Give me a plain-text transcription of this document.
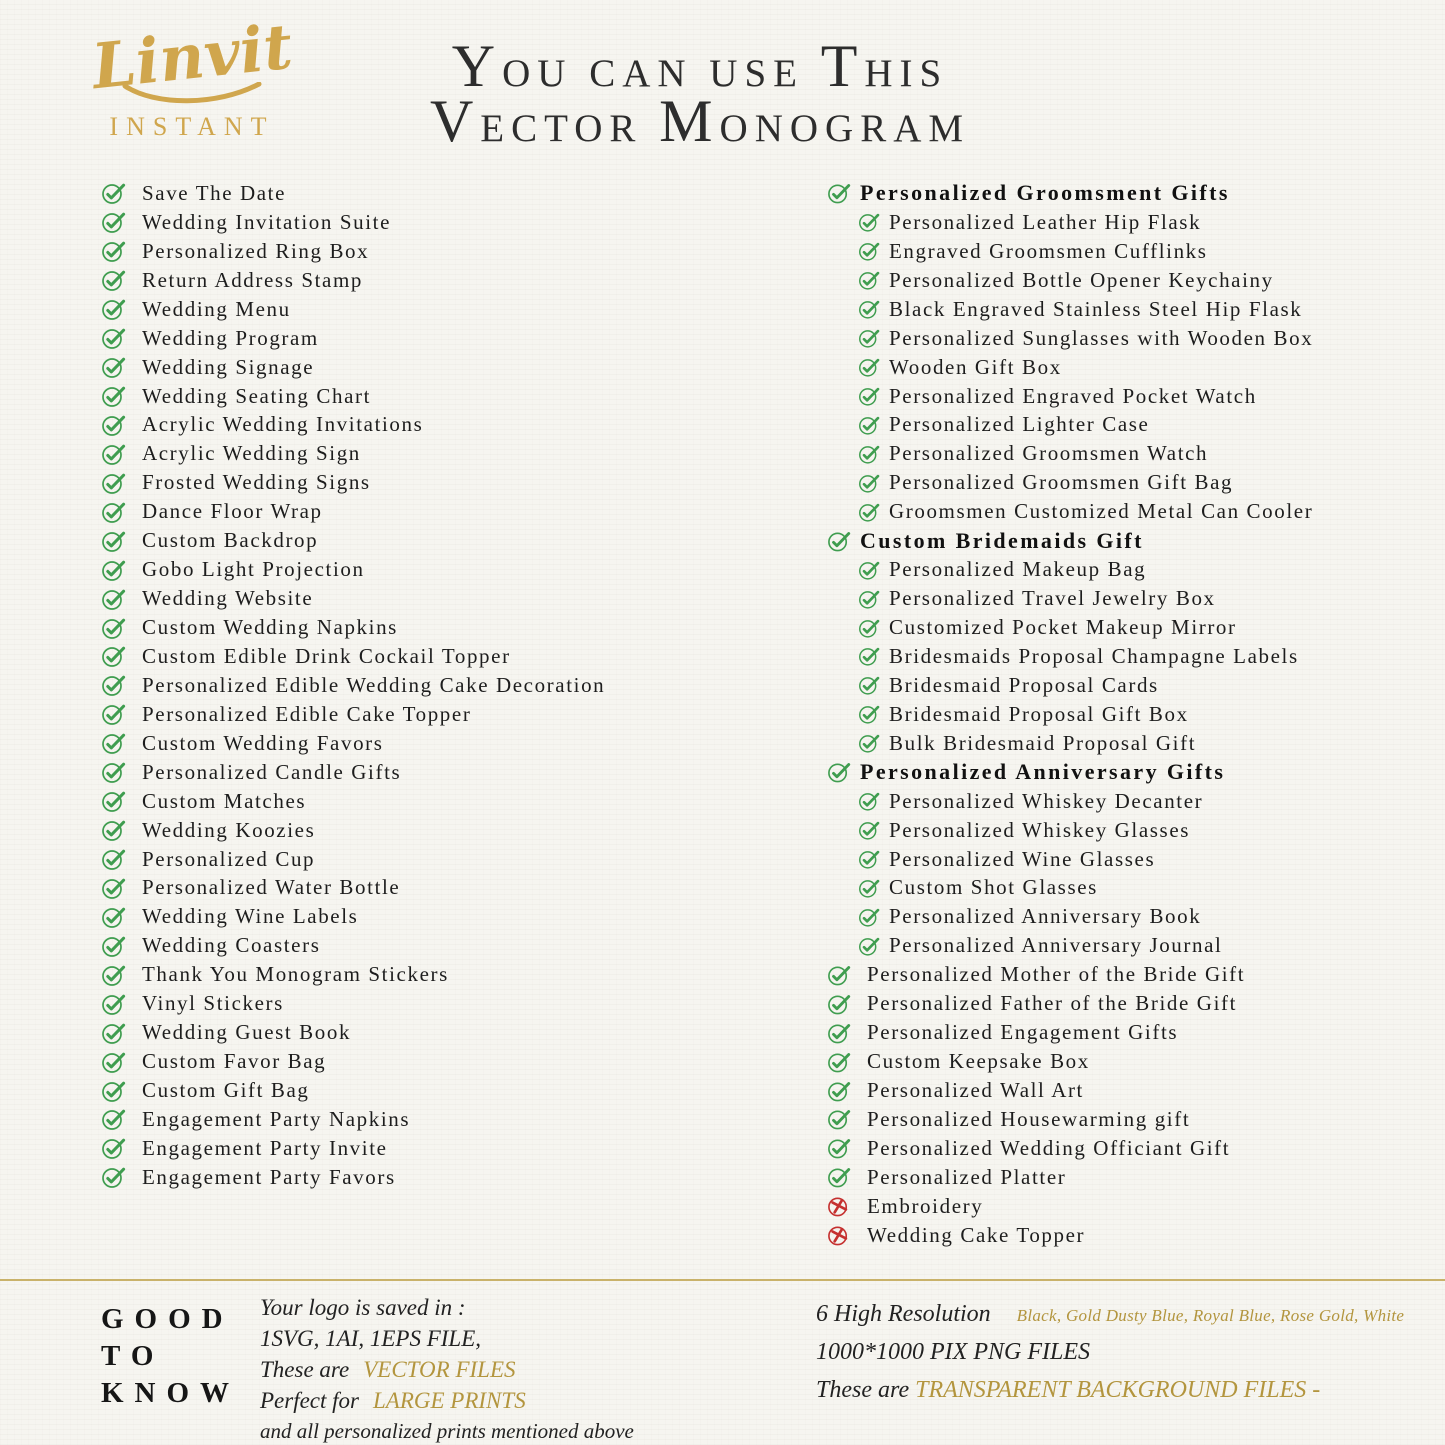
Linvit
INSTANT
YOU CAN USE THIS
VECTOR MONOGRAM
Save The Date
Wedding Invitation Suite
Personalized Ring Box
Return Address Stamp
Wedding Menu
Wedding Program
Wedding Signage
Wedding Seating Chart
Acrylic Wedding Invitations
Acrylic Wedding Sign
Frosted Wedding Signs
Dance Floor Wrap
Custom Backdrop
Gobo Light Projection
Wedding Website
Custom Wedding Napkins
Custom Edible Drink Cockail Topper
Personalized Edible Wedding Cake Decoration
Personalized Edible Cake Topper
Custom Wedding Favors
Personalized Candle Gifts
Custom Matches
Wedding Koozies
Personalized Cup
Personalized Water Bottle
Wedding Wine Labels
Wedding Coasters
Thank You Monogram Stickers
Vinyl Stickers
Wedding Guest Book
Custom Favor Bag
Custom Gift Bag
Engagement Party Napkins
Engagement Party Invite
Engagement Party Favors
Personalized Groomsment Gifts
Personalized Leather Hip Flask
Engraved Groomsmen Cufflinks
Personalized Bottle Opener Keychainy
Black Engraved Stainless Steel Hip Flask
Personalized Sunglasses with Wooden Box
Wooden Gift Box
Personalized Engraved Pocket Watch
Personalized Lighter Case
Personalized Groomsmen Watch
Personalized Groomsmen Gift Bag
Groomsmen Customized Metal Can Cooler
Custom Bridemaids Gift
Personalized Makeup Bag
Personalized Travel Jewelry Box
Customized Pocket Makeup Mirror
Bridesmaids Proposal Champagne Labels
Bridesmaid Proposal Cards
Bridesmaid Proposal Gift Box
Bulk Bridesmaid Proposal Gift
Personalized Anniversary Gifts
Personalized Whiskey Decanter
Personalized Whiskey Glasses
Personalized Wine Glasses
Custom Shot Glasses
Personalized Anniversary Book
Personalized Anniversary Journal
Personalized Mother of the Bride Gift
Personalized Father of the Bride Gift
Personalized Engagement Gifts
Custom Keepsake Box
Personalized Wall Art
Personalized Housewarming gift
Personalized Wedding Officiant Gift
Personalized Platter
Embroidery
Wedding Cake Topper
GOOD
TO
KNOW
Your logo is saved in :
1SVG, 1AI, 1EPS FILE,
These are VECTOR FILES
Perfect for LARGE PRINTS
and all personalized prints mentioned above
6 High Resolution Black, Gold Dusty Blue, Royal Blue, Rose Gold, White
1000*1000 PIX PNG FILES
These are TRANSPARENT BACKGROUND FILES -
